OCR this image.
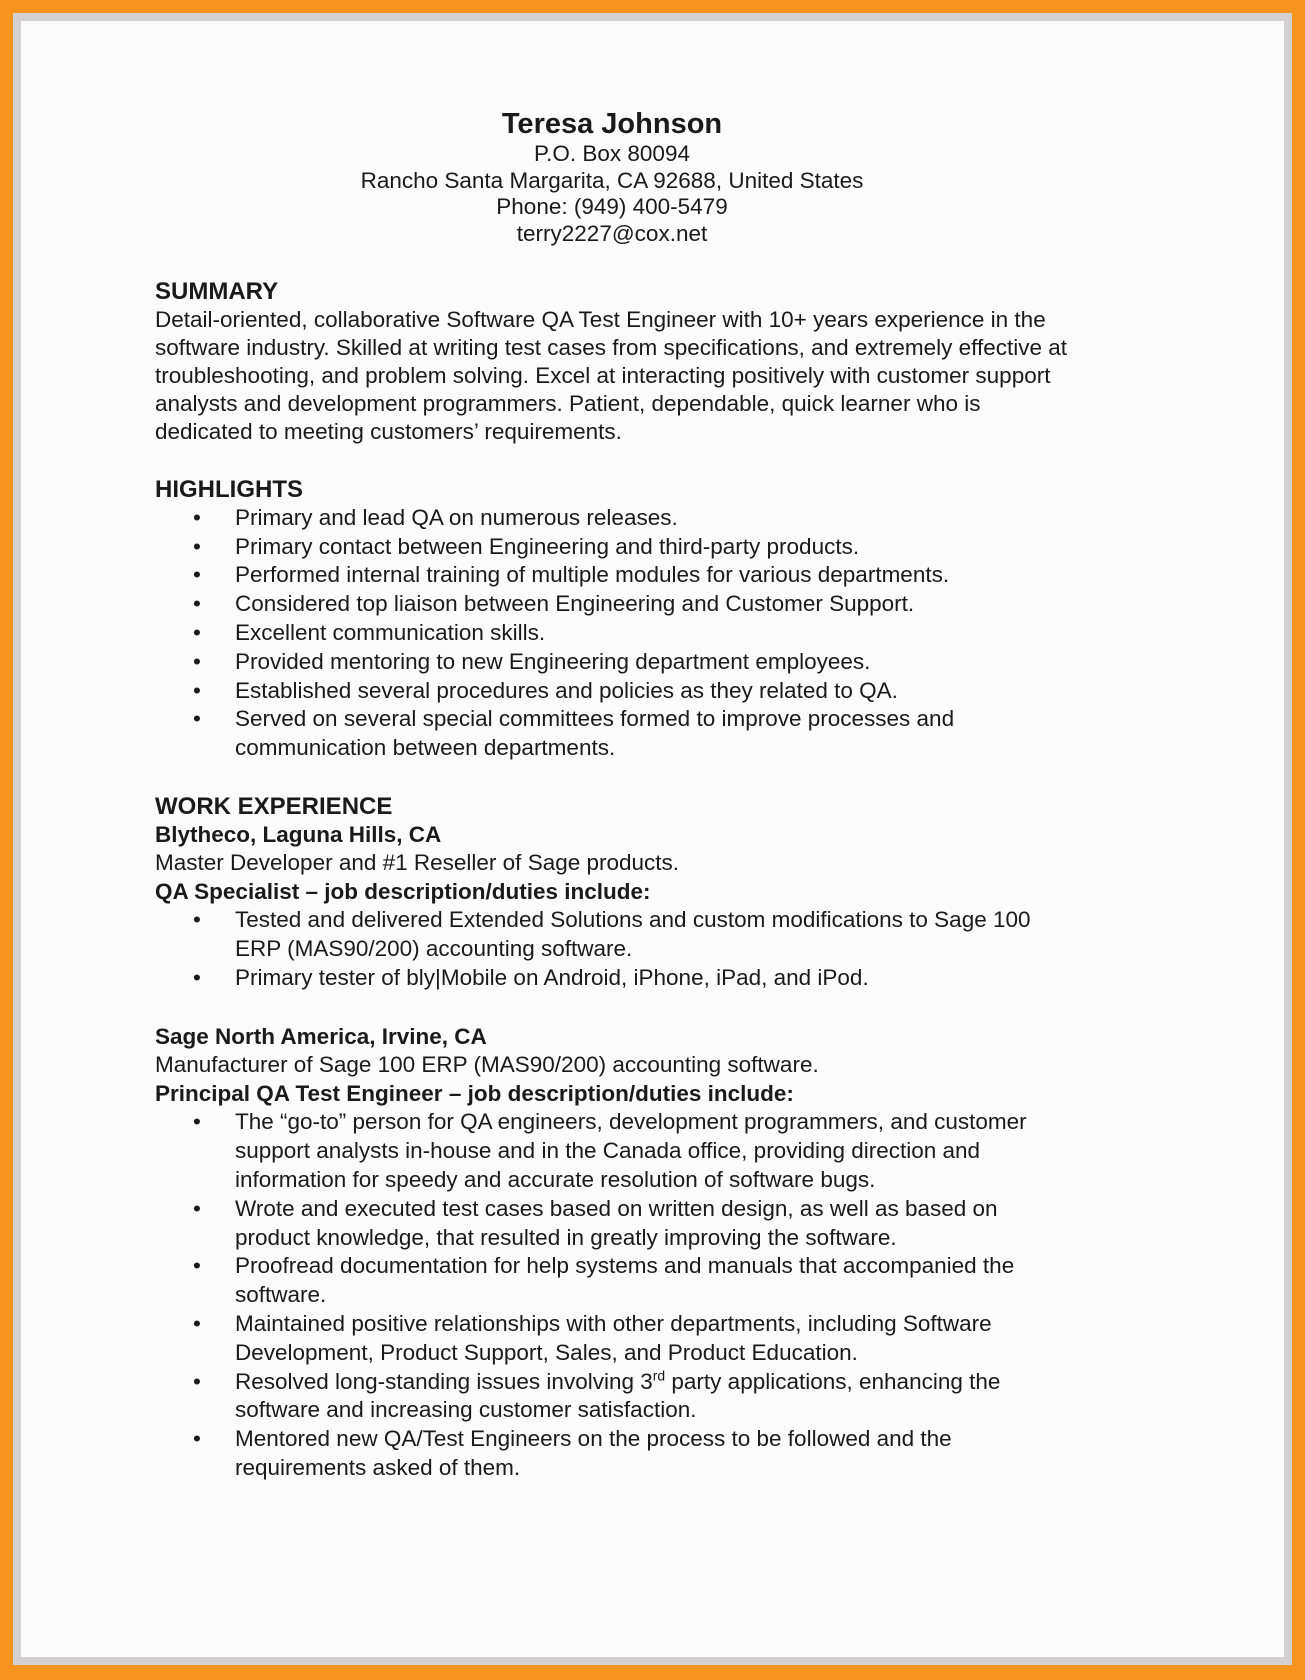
Teresa Johnson
P.O. Box 80094
Rancho Santa Margarita, CA 92688, United States
Phone: (949) 400-5479
terry2227@cox.net
SUMMARY

Detail-oriented, collaborative Software QA Test Engineer with 10+ years experience in the software industry. Skilled at writing test cases from specifications, and extremely effective at troubleshooting, and problem solving. Excel at interacting positively with customer support analysts and development programmers. Patient, dependable, quick learner who is dedicated to meeting customers’ requirements.

HIGHLIGHTS
• Primary and lead QA on numerous releases.
• Primary contact between Engineering and third-party products.
• Performed internal training of multiple modules for various departments.
• Considered top liaison between Engineering and Customer Support.
• Excellent communication skills.
• Provided mentoring to new Engineering department employees.
• Established several procedures and policies as they related to QA.
• Served on several special committees formed to improve processes and communication between departments.
WORK EXPERIENCE
Blytheco, Laguna Hills, CA
Master Developer and #1 Reseller of Sage products.
QA Specialist – job description/duties include:
• Tested and delivered Extended Solutions and custom modifications to Sage 100 ERP (MAS90/200) accounting software.
• Primary tester of bly|Mobile on Android, iPhone, iPad, and iPod.
Sage North America, Irvine, CA
Manufacturer of Sage 100 ERP (MAS90/200) accounting software.
Principal QA Test Engineer – job description/duties include:
• The “go-to” person for QA engineers, development programmers, and customer support analysts in-house and in the Canada office, providing direction and information for speedy and accurate resolution of software bugs.
• Wrote and executed test cases based on written design, as well as based on product knowledge, that resulted in greatly improving the software.
• Proofread documentation for help systems and manuals that accompanied the software.
• Maintained positive relationships with other departments, including Software Development, Product Support, Sales, and Product Education.
• Resolved long-standing issues involving 3rd party applications, enhancing the software and increasing customer satisfaction.
• Mentored new QA/Test Engineers on the process to be followed and the requirements asked of them.
